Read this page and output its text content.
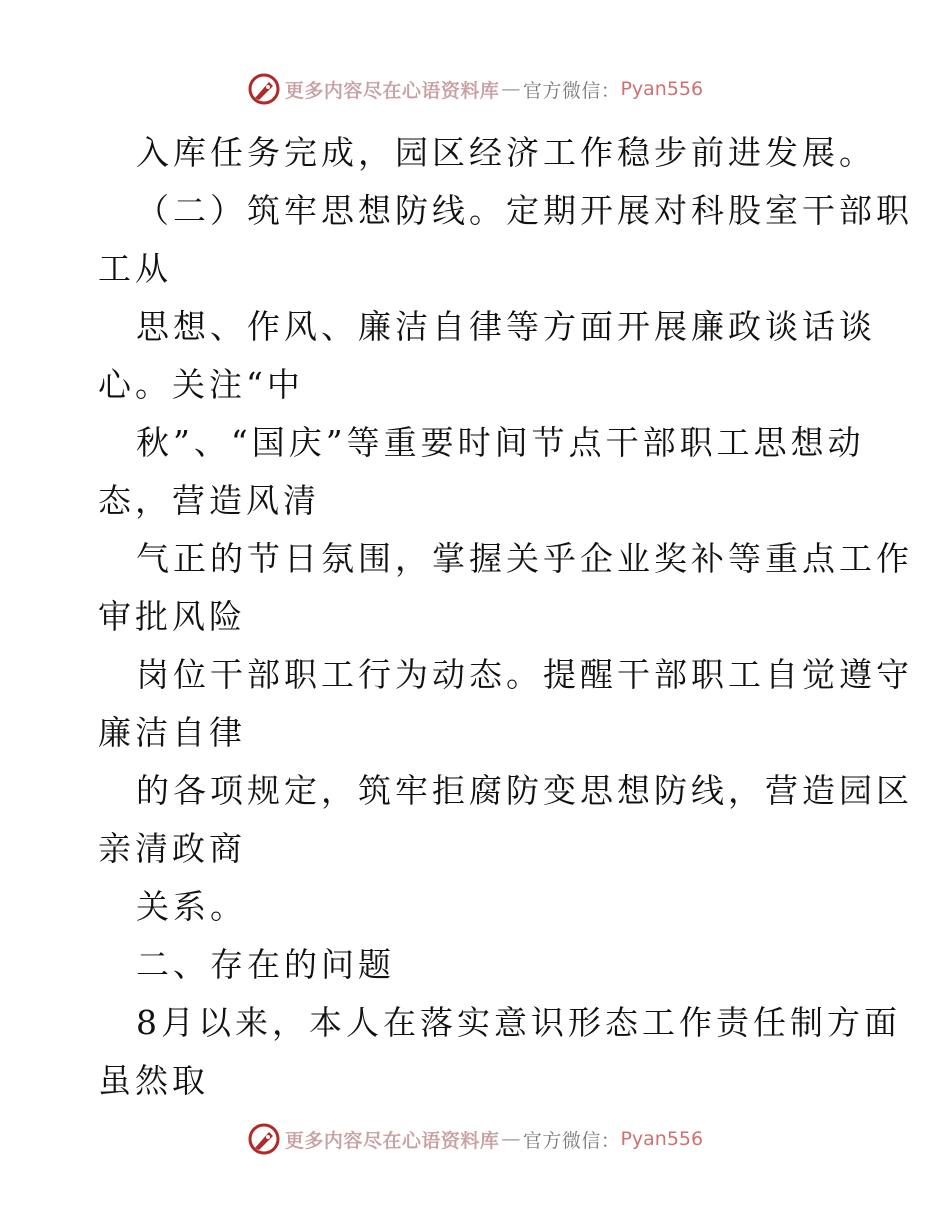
更多内容尽在心语资料库 — 官方微信： Pyan556
入库任务完成，园区经济工作稳步前进发展。
（二）筑牢思想防线。定期开展对科股室干部职
工从
思想、作风、廉洁自律等方面开展廉政谈话谈
心。关注“中
秋”、“国庆”等重要时间节点干部职工思想动
态，营造风清
气正的节日氛围，掌握关乎企业奖补等重点工作
审批风险
岗位干部职工行为动态。提醒干部职工自觉遵守
廉洁自律
的各项规定，筑牢拒腐防变思想防线，营造园区
亲清政商
关系。
二、存在的问题
8月以来，本人在落实意识形态工作责任制方面
虽然取
更多内容尽在心语资料库 — 官方微信： Pyan556
